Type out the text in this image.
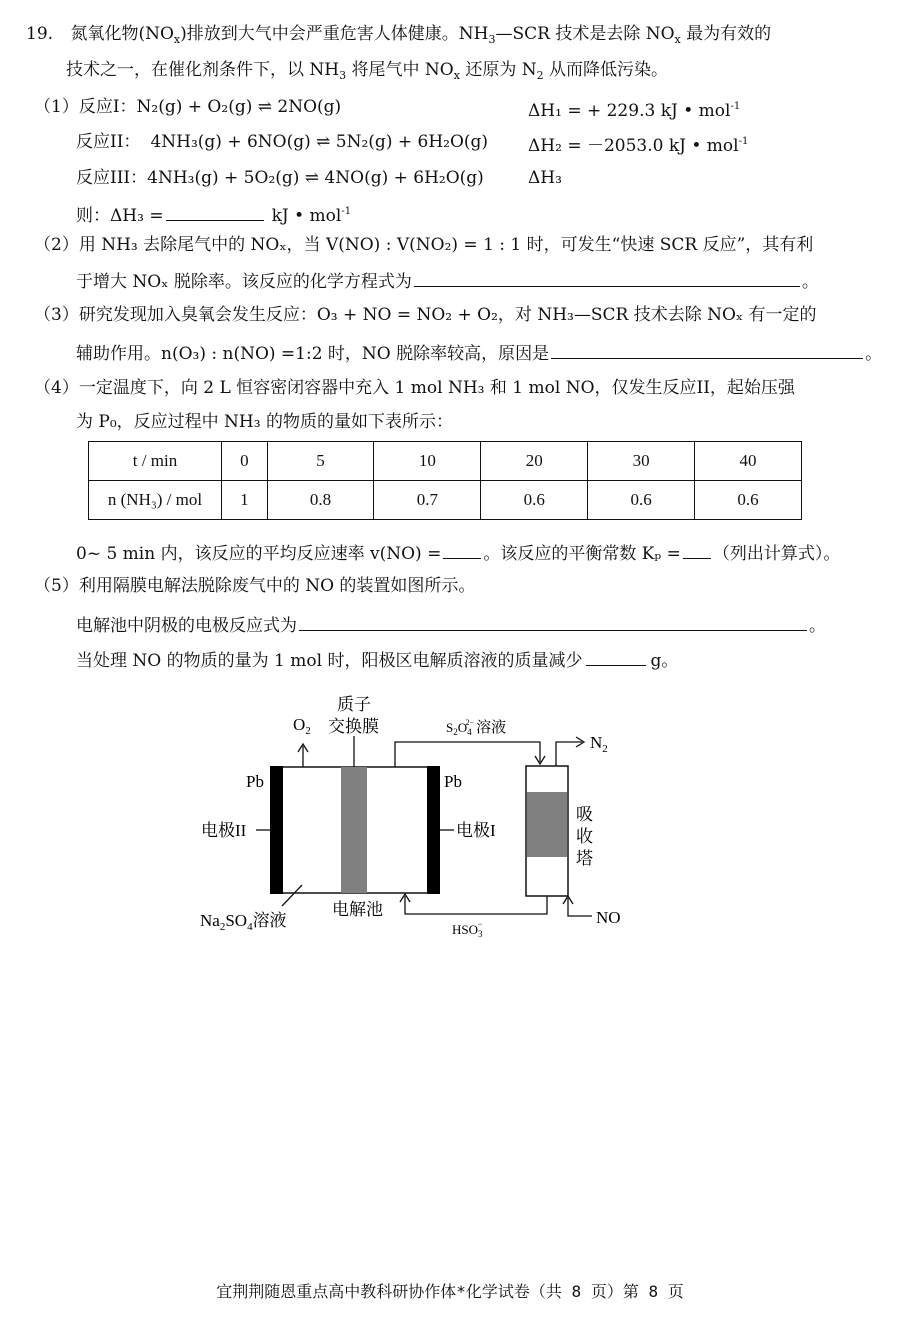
19. 氮氧化物$(NO_x)$排放到大气中会严重危害人体健康。$NH_3—SCR$ 技术是去除 $NO_x$ 最为有效的
技术之一，在催化剂条件下，以 $NH_3$ 将尾气中 $NO_x$ 还原为 $N_2$ 从而降低污染。
（1）反应I：N₂(g) + O₂(g) ⇌ 2NO(g)	ΔH₁ = + 229.3 kJ • mol$^{-1}$
反应II： 4NH₃(g) + 6NO(g) ⇌ 5N₂(g) + 6H₂O(g) ΔH₂ = －2053.0 kJ • mol$^{-1}$
反应III：4NH₃(g) + 5O₂(g) ⇌ 4NO(g) + 6H₂O(g)	ΔH₃
则：ΔH₃ =	kJ • mol$^{-1}$
（2）用 NH₃ 去除尾气中的 NOₓ，当 V(NO) : V(NO₂) = 1 : 1 时，可发生“快速 SCR 反应”，其有利
于增大 NOₓ 脱除率。该反应的化学方程式为	。
（3）研究发现加入臭氧会发生反应：O₃ + NO = NO₂ + O₂，对 NH₃—SCR 技术去除 NOₓ 有一定的
辅助作用。n(O₃) : n(NO) =1:2 时，NO 脱除率较高，原因是	。
（4）一定温度下，向 2 L 恒容密闭容器中充入 1 mol NH₃ 和 1 mol NO，仅发生反应II，起始压强
为 P₀，反应过程中 NH₃ 的物质的量如下表所示：
t / min	0	5	10	20	30	40
n (NH₃) / mol	1	0.8	0.7	0.6	0.6	0.6
0~ 5 min 内，该反应的平均反应速率 v(NO) = 。该反应的平衡常数 Kₚ = （列出计算式）。
（5）利用隔膜电解法脱除废气中的 NO 的装置如图所示。
电解池中阴极的电极反应式为	。
当处理 NO 的物质的量为 1 mol 时，阳极区电解质溶液的质量减少	g。
质子
交换膜
$O_2$	$S_2O_42-$ 溶液
吸
收
塔
$N_2$
$HSO_3-$	NO
Pb	Pb
电极II	电极I
$Na_2SO_4$溶液
电解池
宜荆荆随恩重点高中教科研协作体*化学试卷（共 8 页）第 8 页
